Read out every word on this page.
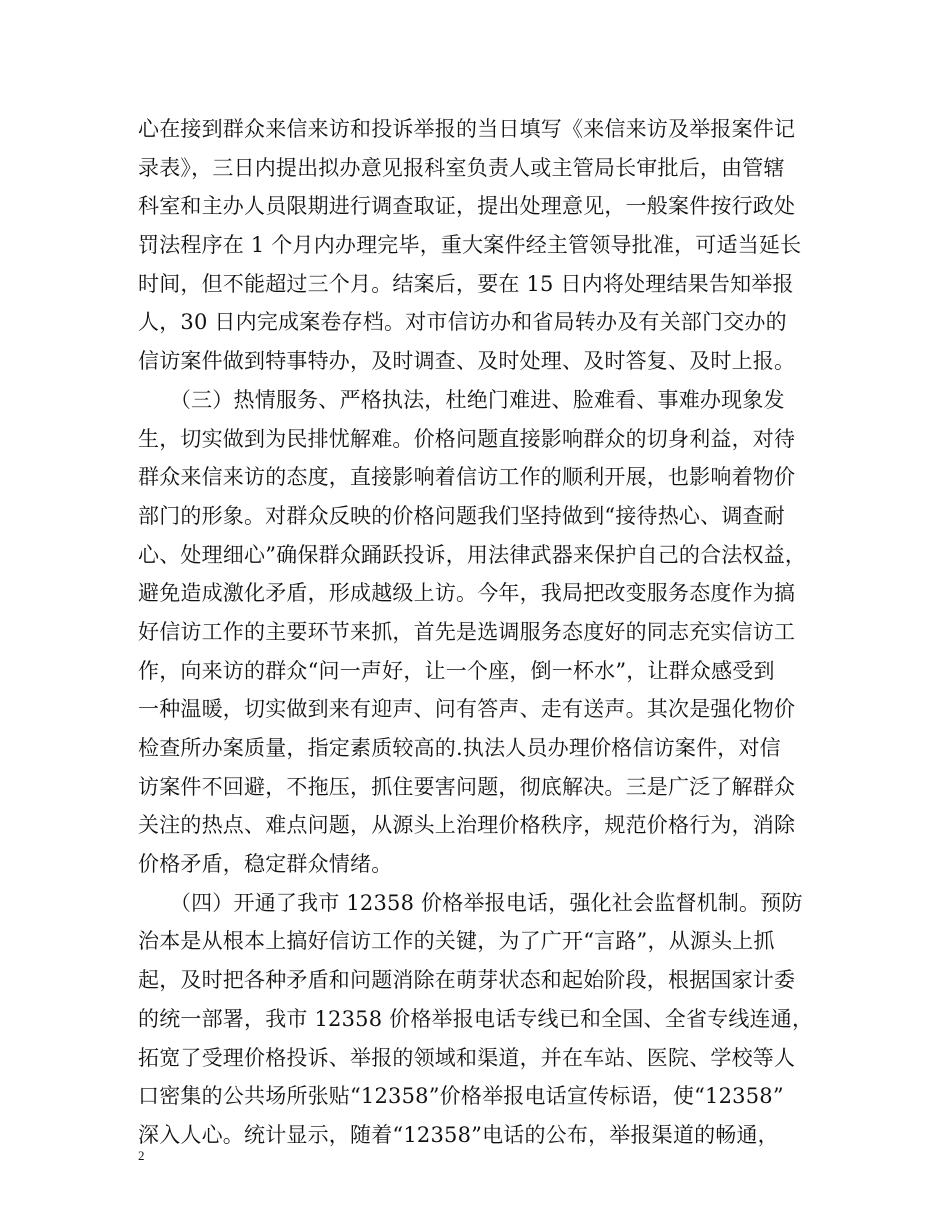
心在接到群众来信来访和投诉举报的当日填写《来信来访及举报案件记
录表》，三日内提出拟办意见报科室负责人或主管局长审批后，由管辖
科室和主办人员限期进行调查取证，提出处理意见，一般案件按行政处
罚法程序在 1 个月内办理完毕，重大案件经主管领导批准，可适当延长
时间，但不能超过三个月。结案后，要在 15 日内将处理结果告知举报
人，30 日内完成案卷存档。对市信访办和省局转办及有关部门交办的
信访案件做到特事特办，及时调查、及时处理、及时答复、及时上报。
　　（三）热情服务、严格执法，杜绝门难进、脸难看、事难办现象发
生，切实做到为民排忧解难。价格问题直接影响群众的切身利益，对待
群众来信来访的态度，直接影响着信访工作的顺利开展，也影响着物价
部门的形象。对群众反映的价格问题我们坚持做到“接待热心、调查耐
心、处理细心”确保群众踊跃投诉，用法律武器来保护自己的合法权益，
避免造成激化矛盾，形成越级上访。今年，我局把改变服务态度作为搞
好信访工作的主要环节来抓，首先是选调服务态度好的同志充实信访工
作，向来访的群众“问一声好，让一个座，倒一杯水”，让群众感受到
一种温暖，切实做到来有迎声、问有答声、走有送声。其次是强化物价
检查所办案质量，指定素质较高的.执法人员办理价格信访案件，对信
访案件不回避，不拖压，抓住要害问题，彻底解决。三是广泛了解群众
关注的热点、难点问题，从源头上治理价格秩序，规范价格行为，消除
价格矛盾，稳定群众情绪。
　　（四）开通了我市 12358 价格举报电话，强化社会监督机制。预防
治本是从根本上搞好信访工作的关键，为了广开“言路”，从源头上抓
起，及时把各种矛盾和问题消除在萌芽状态和起始阶段，根据国家计委
的统一部署，我市 12358 价格举报电话专线已和全国、全省专线连通，
拓宽了受理价格投诉、举报的领域和渠道，并在车站、医院、学校等人
口密集的公共场所张贴“12358”价格举报电话宣传标语，使“12358”
深入人心。统计显示，随着“12358”电话的公布，举报渠道的畅通，
2
